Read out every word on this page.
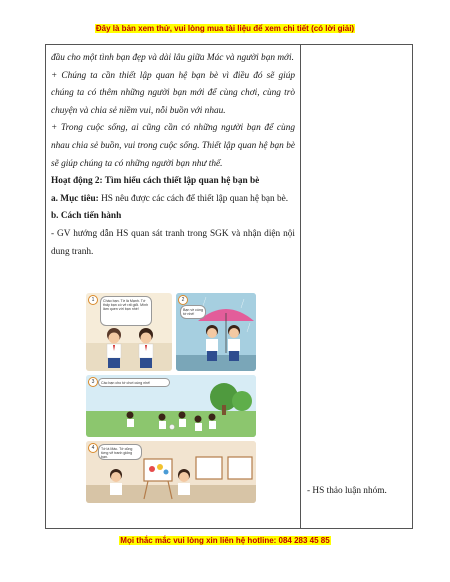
Đây là bản xem thử, vui lòng mua tài liệu để xem chi tiết (có lời giải)

đầu cho một tình bạn đẹp và dài lâu giữa Mác và người bạn mới.

+ Chúng ta cần thiết lập quan hệ bạn bè vì điều đó sẽ giúp chúng ta có thêm những người bạn mới để cùng chơi, cùng trò chuyện và chia sẻ niềm vui, nỗi buồn với nhau.

+ Trong cuộc sống, ai cũng cần có những người bạn để cùng nhau chia sẻ buồn, vui trong cuộc sống. Thiết lập quan hệ bạn bè sẽ giúp chúng ta có những người bạn như thế.

Hoạt động 2: Tìm hiểu cách thiết lập quan hệ bạn bè

a. Mục tiêu: HS nêu được các cách để thiết lập quan hệ bạn bè.

b. Cách tiến hành

- GV hướng dẫn HS quan sát tranh trong SGK và nhận diện nội dung tranh.

1	Chào bạn. Tớ là Mạnh. Tớ thấy bạn có vẻ rất giỏi. Mình làm quen với bạn nhé!
2
Bạn về cùng tớ nhé!
3	Các bạn cho tớ chơi cùng nhé!
4	Tớ là Mác. Tớ cũng từng vẽ tranh giống bạn.
- HS thảo luận nhóm.
Mọi thắc mắc vui lòng xin liên hệ hotline: 084 283 45 85
